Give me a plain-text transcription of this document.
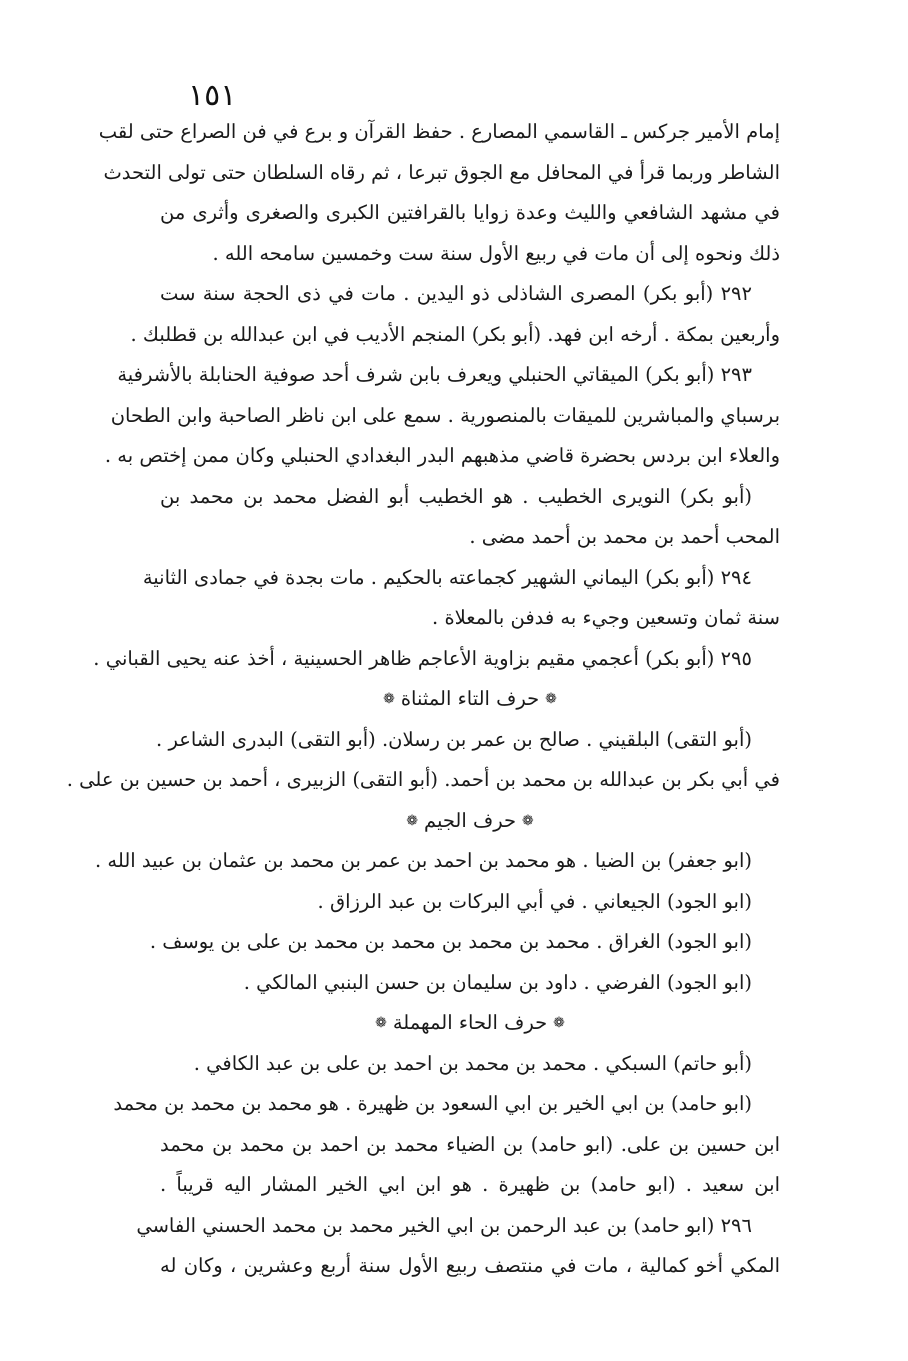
١٥١
إمام الأمير جركس ـ القاسمي المصارع . حفظ القرآن و برع في فن الصراع حتى لقب
الشاطر وربما قرأ في المحافل مع الجوق تبرعا ، ثم رقاه السلطان حتى تولى التحدث
في مشهد الشافعي والليث وعدة زوايا بالقرافتين الكبرى والصغرى وأثرى من
ذلك ونحوه إلى أن مات في ربيع الأول سنة ست وخمسين سامحه الله .
٢٩٢ (أبو بكر) المصرى الشاذلى ذو اليدين . مات في ذى الحجة سنة ست
وأربعين بمكة . أرخه ابن فهد. (أبو بكر) المنجم الأديب في ابن عبدالله بن قطلبك .
٢٩٣ (أبو بكر) الميقاتي الحنبلي ويعرف بابن شرف أحد صوفية الحنابلة بالأشرفية
برسباي والمباشرين للميقات بالمنصورية . سمع على ابن ناظر الصاحبة وابن الطحان
والعلاء ابن بردس بحضرة قاضي مذهبهم البدر البغدادي الحنبلي وكان ممن إختص به .
(أبو بكر) النويرى الخطيب . هو الخطيب أبو الفضل محمد بن محمد بن
المحب أحمد بن محمد بن أحمد مضى .
٢٩٤ (أبو بكر) اليماني الشهير كجماعته بالحكيم . مات بجدة في جمادى الثانية
سنة ثمان وتسعين وجيء به فدفن بالمعلاة .
٢٩٥ (أبو بكر) أعجمي مقيم بزاوية الأعاجم ظاهر الحسينية ، أخذ عنه يحيى القباني .
❁حرف التاء المثناة❁
(أبو التقى) البلقيني . صالح بن عمر بن رسلان. (أبو التقى) البدرى الشاعر .
في أبي بكر بن عبدالله بن محمد بن أحمد. (أبو التقى) الزبيرى ، أحمد بن حسين بن على .
❁حرف الجيم❁
(ابو جعفر) بن الضيا . هو محمد بن احمد بن عمر بن محمد بن عثمان بن عبيد الله .
(ابو الجود) الجيعاني . في أبي البركات بن عبد الرزاق .
(ابو الجود) الغراق . محمد بن محمد بن محمد بن محمد بن على بن يوسف .
(ابو الجود) الفرضي . داود بن سليمان بن حسن البنبي المالكي .
❁حرف الحاء المهملة❁
(أبو حاتم) السبكي . محمد بن محمد بن احمد بن على بن عبد الكافي .
(ابو حامد) بن ابي الخير بن ابي السعود بن ظهيرة . هو محمد بن محمد بن محمد
ابن حسين بن على. (ابو حامد) بن الضياء محمد بن احمد بن محمد بن محمد
ابن سعيد . (ابو حامد) بن ظهيرة . هو ابن ابي الخير المشار اليه قريباً .
٢٩٦ (ابو حامد) بن عبد الرحمن بن ابي الخير محمد بن محمد الحسني الفاسي
المكي أخو كمالية ، مات في منتصف ربيع الأول سنة أربع وعشرين ، وكان له
